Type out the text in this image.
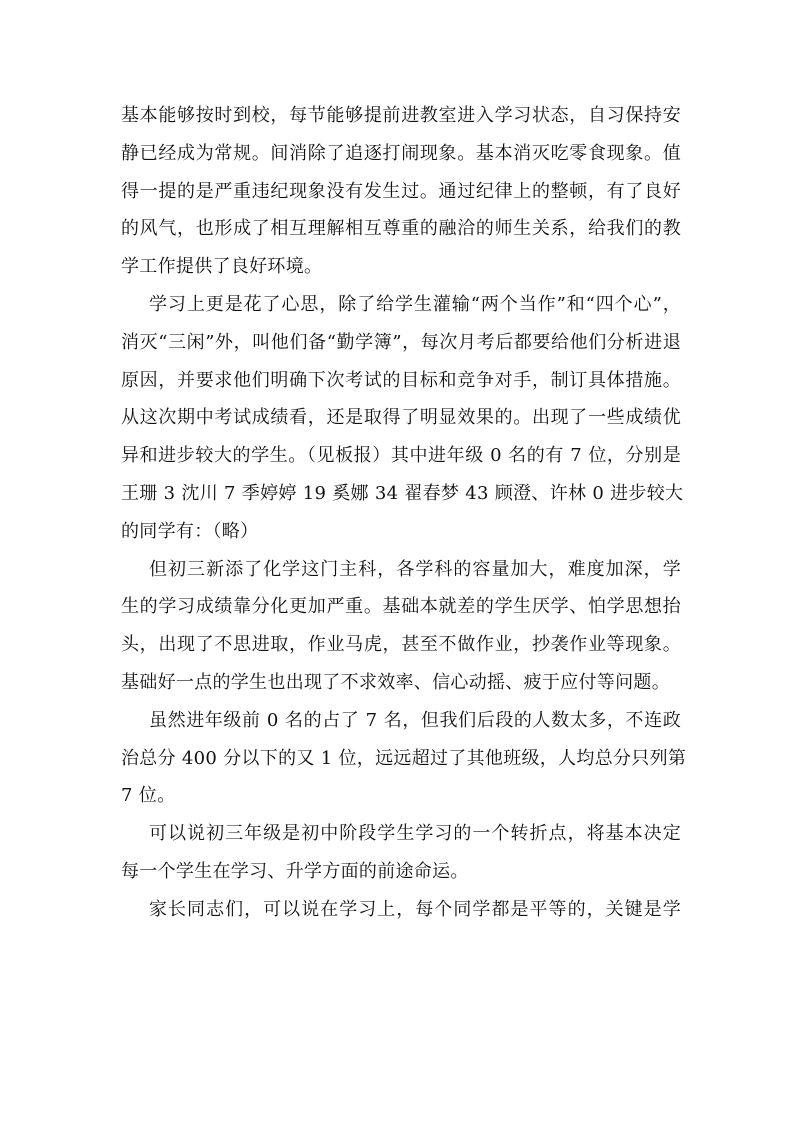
基本能够按时到校，每节能够提前进教室进入学习状态，自习保持安
静已经成为常规。间消除了追逐打闹现象。基本消灭吃零食现象。值
得一提的是严重违纪现象没有发生过。通过纪律上的整顿，有了良好
的风气，也形成了相互理解相互尊重的融洽的师生关系，给我们的教
学工作提供了良好环境。
学习上更是花了心思，除了给学生灌输“两个当作”和“四个心”，
消灭“三闲”外，叫他们备“勤学簿”，每次月考后都要给他们分析进退
原因，并要求他们明确下次考试的目标和竞争对手，制订具体措施。
从这次期中考试成绩看，还是取得了明显效果的。出现了一些成绩优
异和进步较大的学生。（见板报）其中进年级 0 名的有 7 位，分别是
王珊 3 沈川 7 季婷婷 19 奚娜 34 翟春梦 43 顾澄、许林 0 进步较大
的同学有：（略）
但初三新添了化学这门主科，各学科的容量加大，难度加深，学
生的学习成绩靠分化更加严重。基础本就差的学生厌学、怕学思想抬
头，出现了不思进取，作业马虎，甚至不做作业，抄袭作业等现象。
基础好一点的学生也出现了不求效率、信心动摇、疲于应付等问题。
虽然进年级前 0 名的占了 7 名，但我们后段的人数太多，不连政
治总分 400 分以下的又 1 位，远远超过了其他班级，人均总分只列第
7 位。
可以说初三年级是初中阶段学生学习的一个转折点，将基本决定
每一个学生在学习、升学方面的前途命运。
家长同志们，可以说在学习上，每个同学都是平等的，关键是学
